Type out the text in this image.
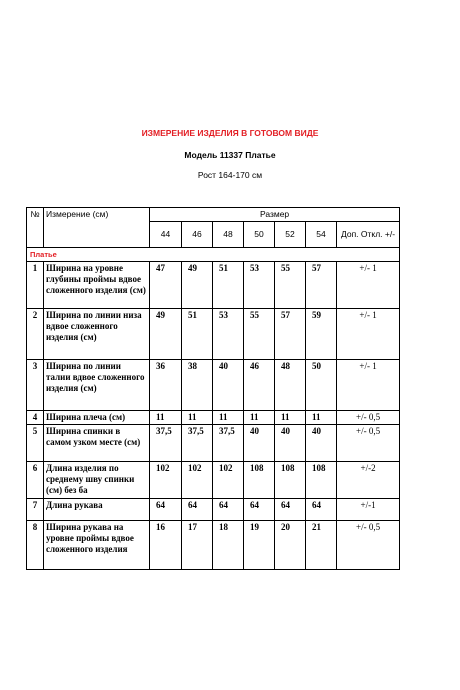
ИЗМЕРЕНИЕ ИЗДЕЛИЯ В ГОТОВОМ ВИДЕ
Модель 11337 Платье
Рост 164-170 см
№	Измерение (см)	Размер						
		44	46	48	50	52	54	Доп. Откл. +/-
Платье								
1	Ширина на уровне глубины проймы вдвое сложенного изделия (см)	47	49	51	53	55	57	+/- 1
2	Ширина по линии низа вдвое сложенного изделия (см)	49	51	53	55	57	59	+/- 1
3	Ширина по линии талии вдвое сложенного изделия (см)	36	38	40	46	48	50	+/- 1
4	Ширина плеча (см)	11	11	11	11	11	11	+/- 0,5
5	Ширина спинки в самом узком месте (см)	37,5	37,5	37,5	40	40	40	+/- 0,5
6	Длина изделия по среднему шву спинки (см) без ба	102	102	102	108	108	108	+/-2
7	Длина рукава	64	64	64	64	64	64	+/-1
8	Ширина рукава на уровне проймы вдвое сложенного изделия	16	17	18	19	20	21	+/- 0,5
